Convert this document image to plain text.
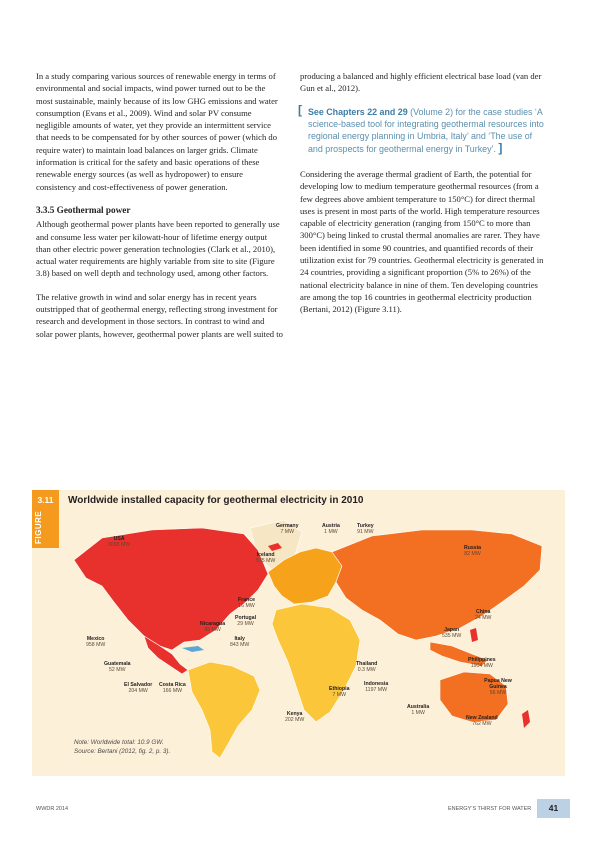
In a study comparing various sources of renewable energy in terms of environmental and social impacts, wind power turned out to be the most sustainable, mainly because of its low GHG emissions and water consumption (Evans et al., 2009). Wind and solar PV consume negligible amounts of water, yet they provide an intermittent service that needs to be compensated for by other sources of power (which do require water) to maintain load balances on larger grids. Climate information is critical for the safety and basic operations of these renewable energy sources (as well as hydropower) to ensure consistency and cost-effectiveness of power generation.

3.3.5 Geothermal power

Although geothermal power plants have been reported to generally use and consume less water per kilowatt-hour of lifetime energy output than other electric power generation technologies (Clark et al., 2010), actual water requirements are highly variable from site to site (Figure 3.8) based on well depth and technology used, among other factors.

The relative growth in wind and solar energy has in recent years outstripped that of geothermal energy, reflecting strong investment for research and development in those sectors. In contrast to wind and solar power plants, however, geothermal power plants are well suited to

producing a balanced and highly efficient electrical base load (van der Gun et al., 2012).

[ See Chapters 22 and 29 (Volume 2) for the case studies ‘A science-based tool for integrating geothermal resources into regional energy planning in Umbria, Italy’ and ‘The use of and prospects for geothermal energy in Turkey’. ]

Considering the average thermal gradient of Earth, the potential for developing low to medium temperature geothermal resources (from a few degrees above ambient temperature to 150°C) for direct thermal uses is present in most parts of the world. High temperature resources capable of electricity generation (ranging from 150°C to more than 300°C) being linked to crustal thermal anomalies are rarer. They have been identified in some 90 countries, and quantified records of their utilization exist for 79 countries. Geothermal electricity is generated in 24 countries, providing a significant proportion (5% to 26%) of the national electricity balance in nine of them. Ten developing countries are among the top 16 countries in geothermal electricity production (Bertani, 2012) (Figure 3.11).

3.11
FIGURE
Worldwide installed capacity for geothermal electricity in 2010
USA
3098 MW
Germany
7 MW
Austria
1 MW
Turkey
91 MW
Russia
82 MW
Iceland
575 MW
France
16 MW
Portugal
29 MW
Nicaragua
88 MW
Italy
843 MW
China
24 MW
Japan
535 MW
Mexico
958 MW
Guatemala
52 MW
Thailand
0.3 MW
Philippines
1904 MW
El Salvador
204 MW
Costa Rica
166 MW
Indonesia
1197 MW
Ethiopia
7 MW
Papua New Guinea
56 MW
Kenya
202 MW
Australia
1 MW
New Zealand
762 MW
Note: Worldwide total: 10.9 GW.
Source: Bertani (2012, fig. 2, p. 3).
WWDR 2014	ENERGY’S THIRST FOR WATER	41
